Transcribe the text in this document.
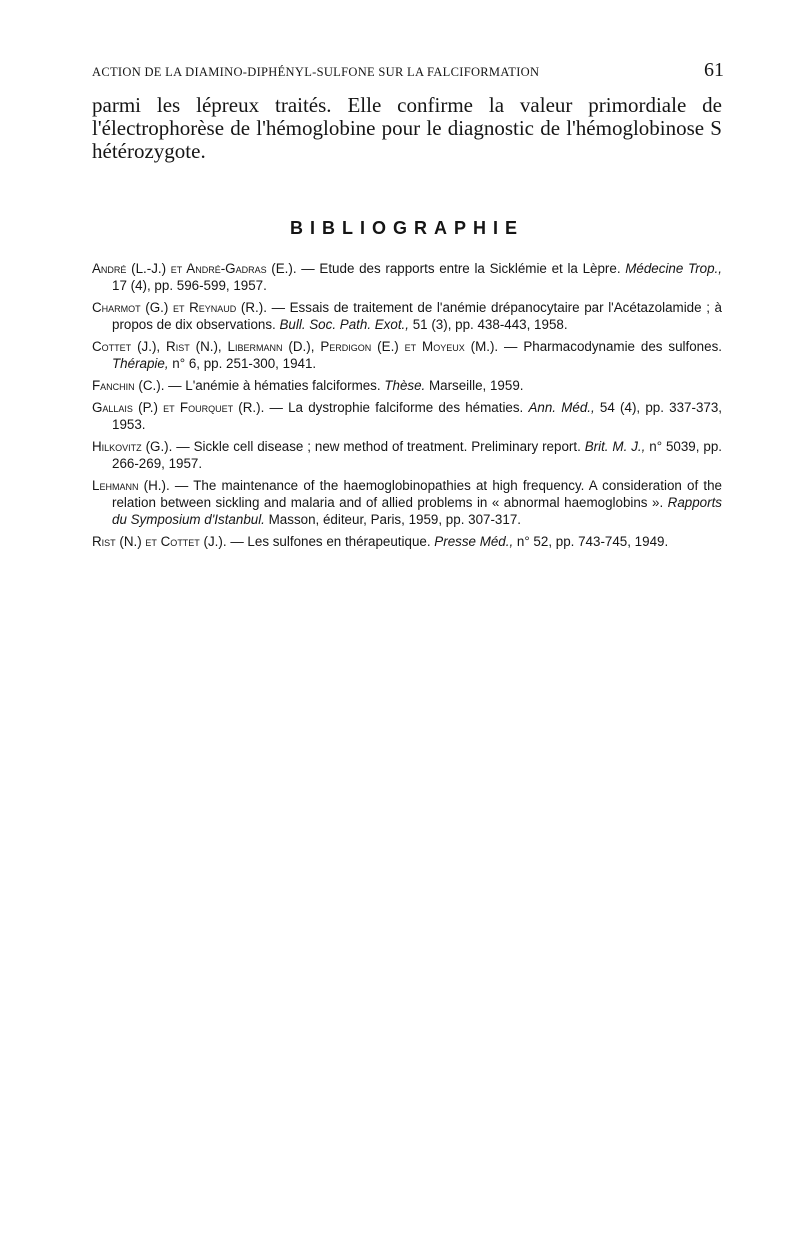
ACTION DE LA DIAMINO-DIPHÉNYL-SULFONE SUR LA FALCIFORMATION	61

parmi les lépreux traités. Elle confirme la valeur primordiale de l'électrophorèse de l'hémoglobine pour le diagnostic de l'hémoglobinose S hétérozygote.

BIBLIOGRAPHIE
André (L.-J.) et André-Gadras (E.). — Etude des rapports entre la Sicklémie et la Lèpre. Médecine Trop., 17 (4), pp. 596-599, 1957.
Charmot (G.) et Reynaud (R.). — Essais de traitement de l'anémie drépanocytaire par l'Acétazolamide ; à propos de dix observations. Bull. Soc. Path. Exot., 51 (3), pp. 438-443, 1958.
Cottet (J.), Rist (N.), Libermann (D.), Perdigon (E.) et Moyeux (M.). — Pharmacodynamie des sulfones. Thérapie, n° 6, pp. 251-300, 1941.
Fanchin (C.). — L'anémie à hématies falciformes. Thèse. Marseille, 1959.
Gallais (P.) et Fourquet (R.). — La dystrophie falciforme des hématies. Ann. Méd., 54 (4), pp. 337-373, 1953.
Hilkovitz (G.). — Sickle cell disease ; new method of treatment. Preliminary report. Brit. M. J., n° 5039, pp. 266-269, 1957.
Lehmann (H.). — The maintenance of the haemoglobinopathies at high frequency. A consideration of the relation between sickling and malaria and of allied problems in « abnormal haemoglobins ». Rapports du Symposium d'Istanbul. Masson, éditeur, Paris, 1959, pp. 307-317.
Rist (N.) et Cottet (J.). — Les sulfones en thérapeutique. Presse Méd., n° 52, pp. 743-745, 1949.
